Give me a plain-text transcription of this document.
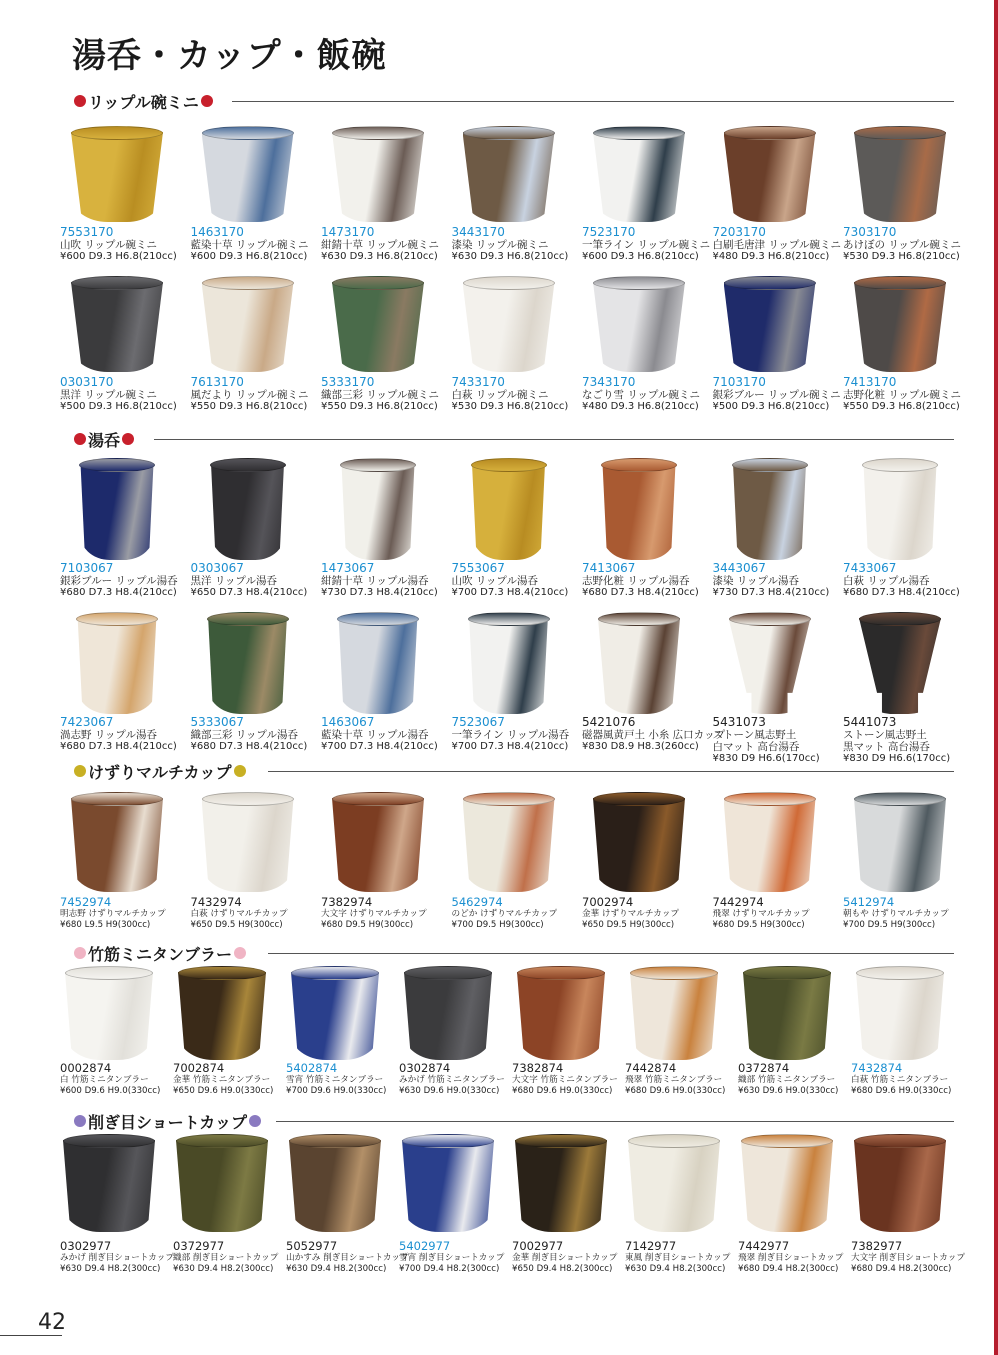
湯呑・カップ・飯碗
リップル碗ミニ
7553170
山吹 リップル碗ミニ
¥600 D9.3 H6.8(210cc)
1463170
藍染十草 リップル碗ミニ
¥600 D9.3 H6.8(210cc)
1473170
紺錆十草 リップル碗ミニ
¥630 D9.3 H6.8(210cc)
3443170
漆染 リップル碗ミニ
¥630 D9.3 H6.8(210cc)
7523170
一筆ライン リップル碗ミニ
¥600 D9.3 H6.8(210cc)
7203170
白刷毛唐津 リップル碗ミニ
¥480 D9.3 H6.8(210cc)
7303170
あけぼの リップル碗ミニ
¥530 D9.3 H6.8(210cc)
0303170
黒洋 リップル碗ミニ
¥500 D9.3 H6.8(210cc)
7613170
風だより リップル碗ミニ
¥550 D9.3 H6.8(210cc)
5333170
織部三彩 リップル碗ミニ
¥550 D9.3 H6.8(210cc)
7433170
白萩 リップル碗ミニ
¥530 D9.3 H6.8(210cc)
7343170
なごり雪 リップル碗ミニ
¥480 D9.3 H6.8(210cc)
7103170
銀彩ブルー リップル碗ミニ
¥500 D9.3 H6.8(210cc)
7413170
志野化粧 リップル碗ミニ
¥550 D9.3 H6.8(210cc)
湯呑
7103067
銀彩ブルー リップル湯呑
¥680 D7.3 H8.4(210cc)
0303067
黒洋 リップル湯呑
¥650 D7.3 H8.4(210cc)
1473067
紺錆十草 リップル湯呑
¥730 D7.3 H8.4(210cc)
7553067
山吹 リップル湯呑
¥700 D7.3 H8.4(210cc)
7413067
志野化粧 リップル湯呑
¥680 D7.3 H8.4(210cc)
3443067
漆染 リップル湯呑
¥730 D7.3 H8.4(210cc)
7433067
白萩 リップル湯呑
¥680 D7.3 H8.4(210cc)
7423067
渦志野 リップル湯呑
¥680 D7.3 H8.4(210cc)
5333067
織部三彩 リップル湯呑
¥680 D7.3 H8.4(210cc)
1463067
藍染十草 リップル湯呑
¥700 D7.3 H8.4(210cc)
7523067
一筆ライン リップル湯呑
¥700 D7.3 H8.4(210cc)
5421076
磁器風黄戸土 小糸 広口カップ
¥830 D8.9 H8.3(260cc)
5431073
ストーン風志野土
白マット 高台湯呑
¥830 D9 H6.6(170cc)
5441073
ストーン風志野土
黒マット 高台湯呑
¥830 D9 H6.6(170cc)
けずりマルチカップ
7452974
明志野 けずりマルチカップ
¥680 L9.5 H9(300cc)
7432974
白萩 けずりマルチカップ
¥650 D9.5 H9(300cc)
7382974
大文字 けずりマルチカップ
¥680 D9.5 H9(300cc)
5462974
のどか けずりマルチカップ
¥700 D9.5 H9(300cc)
7002974
金華 けずりマルチカップ
¥650 D9.5 H9(300cc)
7442974
飛翠 けずりマルチカップ
¥680 D9.5 H9(300cc)
5412974
朝もや けずりマルチカップ
¥700 D9.5 H9(300cc)
竹筋ミニタンブラー
0002874
白 竹筋ミニタンブラー
¥600 D9.6 H9.0(330cc)
7002874
金華 竹筋ミニタンブラー
¥650 D9.6 H9.0(330cc)
5402874
雪宵 竹筋ミニタンブラー
¥700 D9.6 H9.0(330cc)
0302874
みかげ 竹筋ミニタンブラー
¥630 D9.6 H9.0(330cc)
7382874
大文字 竹筋ミニタンブラー
¥680 D9.6 H9.0(330cc)
7442874
飛翠 竹筋ミニタンブラー
¥680 D9.6 H9.0(330cc)
0372874
織部 竹筋ミニタンブラー
¥630 D9.6 H9.0(330cc)
7432874
白萩 竹筋ミニタンブラー
¥680 D9.6 H9.0(330cc)
削ぎ目ショートカップ
0302977
みかげ 削ぎ目ショートカップ
¥630 D9.4 H8.2(300cc)
0372977
織部 削ぎ目ショートカップ
¥630 D9.4 H8.2(300cc)
5052977
山かすみ 削ぎ目ショートカップ
¥630 D9.4 H8.2(300cc)
5402977
雪宵 削ぎ目ショートカップ
¥700 D9.4 H8.2(300cc)
7002977
金華 削ぎ目ショートカップ
¥650 D9.4 H8.2(300cc)
7142977
東風 削ぎ目ショートカップ
¥630 D9.4 H8.2(300cc)
7442977
飛翠 削ぎ目ショートカップ
¥680 D9.4 H8.2(300cc)
7382977
大文字 削ぎ目ショートカップ
¥680 D9.4 H8.2(300cc)
42
